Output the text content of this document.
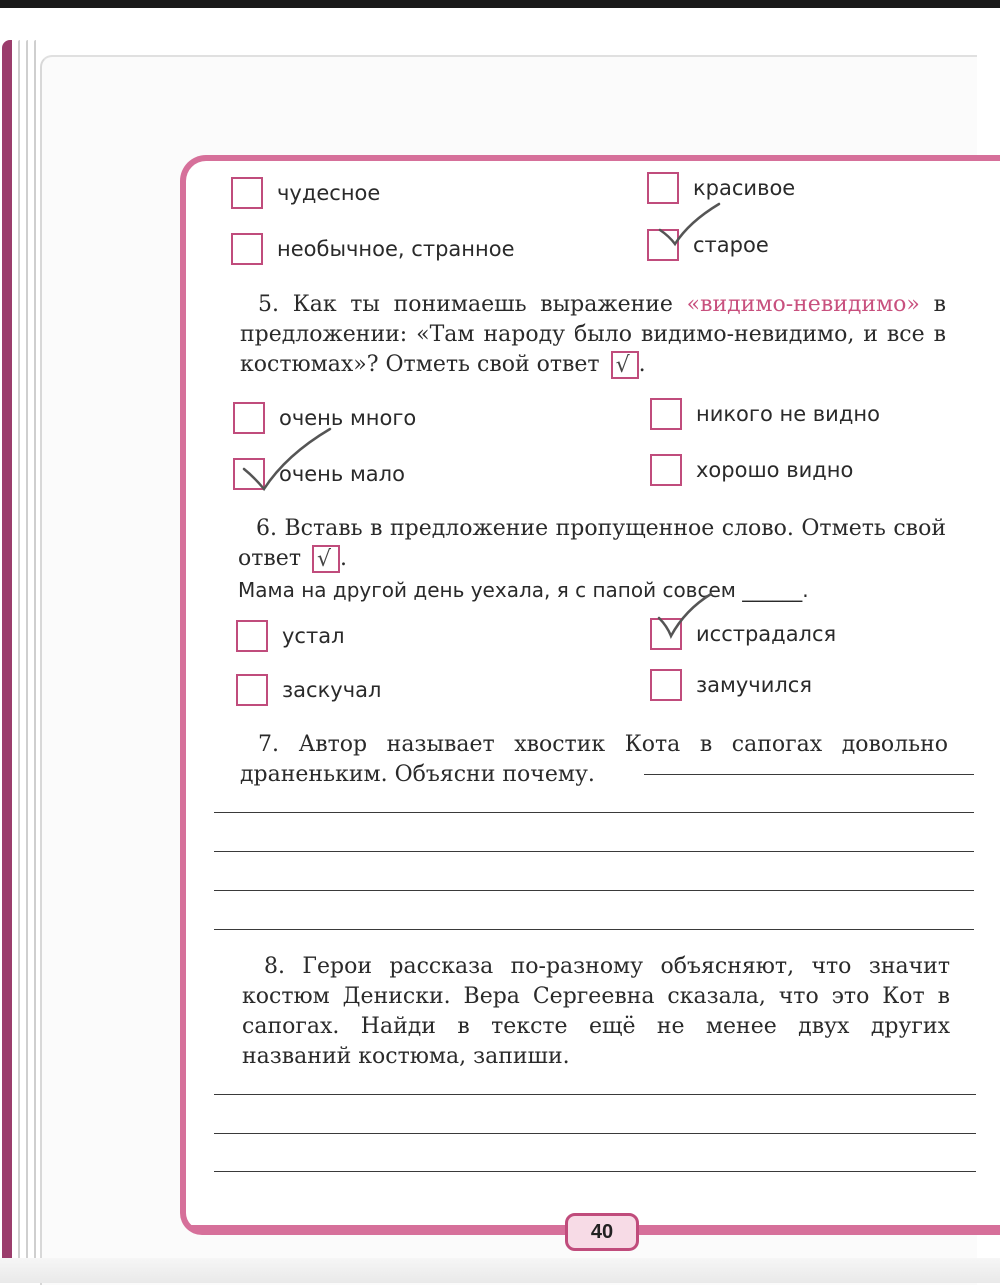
чудесное	красивое
необычное, странное	старое
5. Как ты понимаешь выражение «видимо-невидимо» в предложении: «Там народу было видимо-невидимо, и все в костюмах»? Отметь свой ответ √ .
очень много	никого не видно
очень мало	хорошо видно
6. Вставь в предложение пропущенное слово. Отметь свой ответ √ .
Мама на другой день уехала, я с папой совсем ______.
устал	исстрадался
заскучал	замучился
7. Автор называет хвостик Кота в сапогах довольно драненьким. Объясни почему.
8. Герои рассказа по-разному объясняют, что значит костюм Дениски. Вера Сергеевна сказала, что это Кот в сапогах. Найди в тексте ещё не менее двух других названий костюма, запиши.
40
